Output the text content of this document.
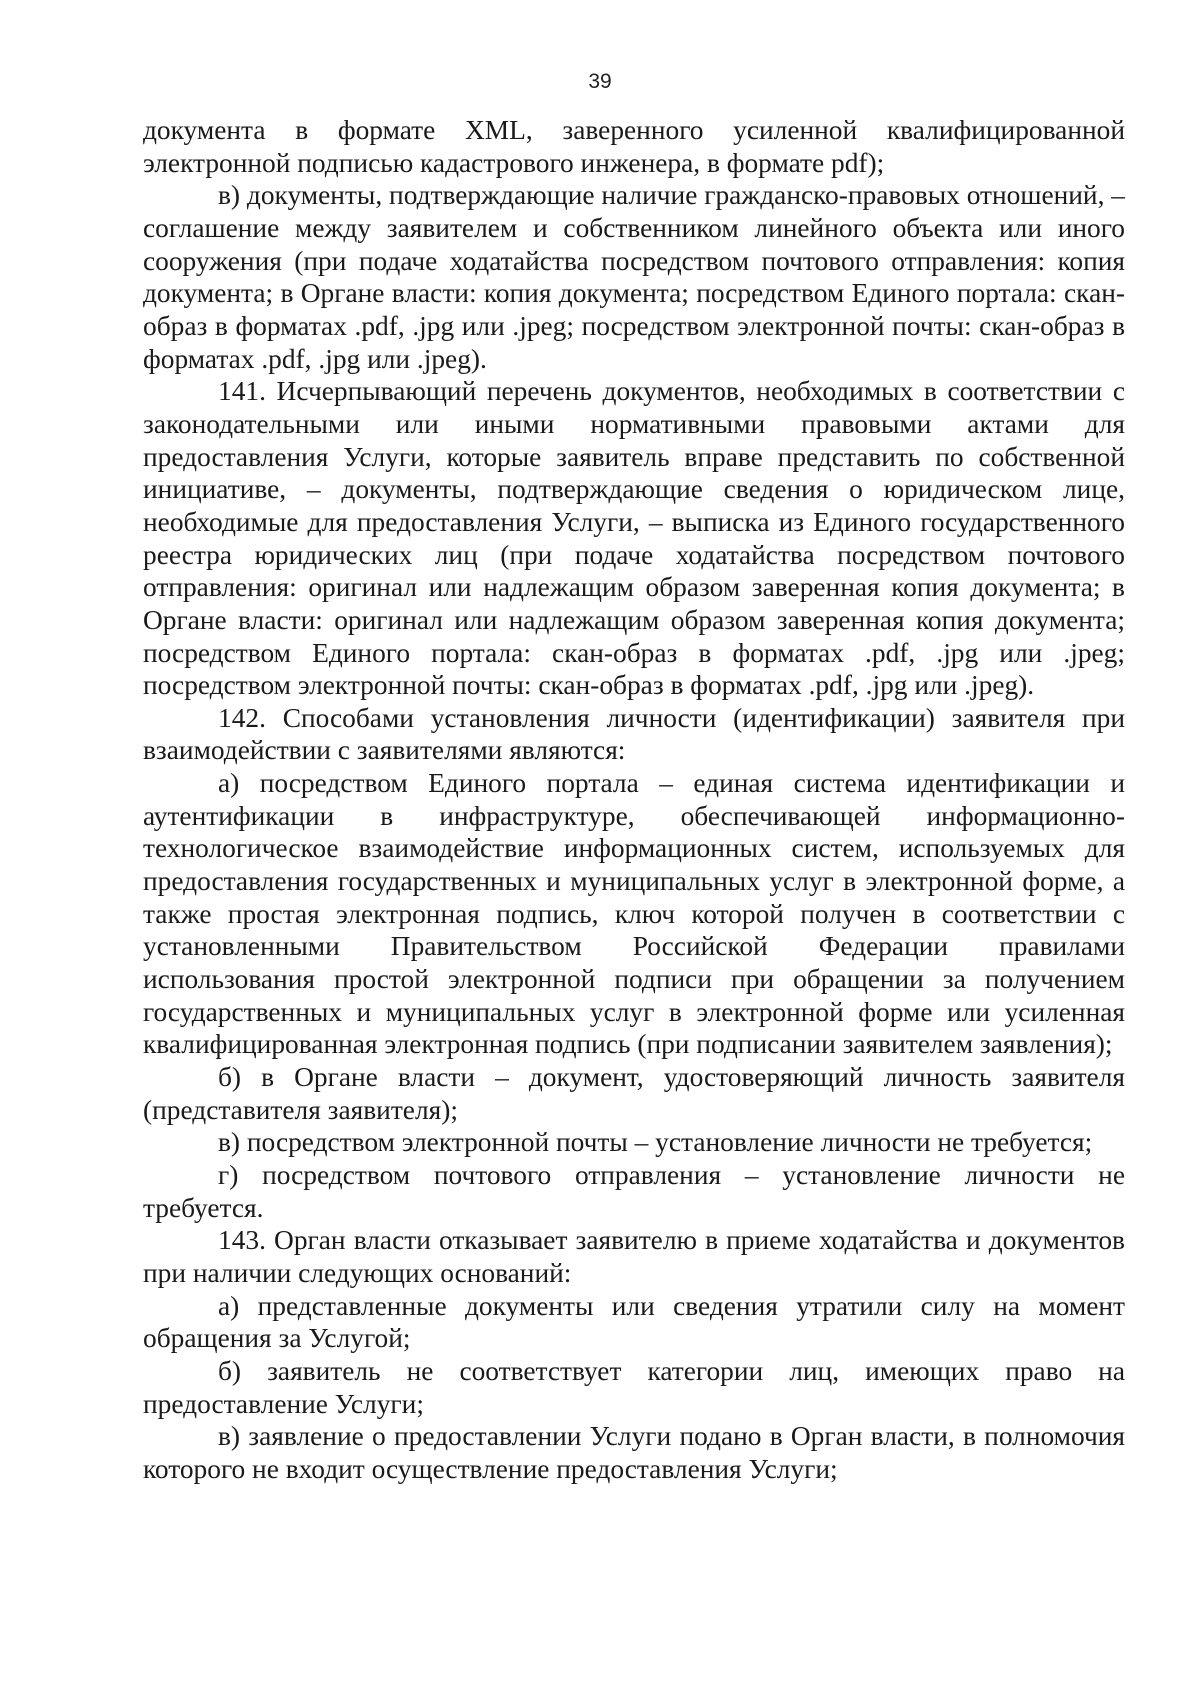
39

документа в формате XML, заверенного усиленной квалифицированной электронной подписью кадастрового инженера, в формате pdf);

в) документы, подтверждающие наличие гражданско-правовых отношений, – соглашение между заявителем и собственником линейного объекта или иного сооружения (при подаче ходатайства посредством почтового отправления: копия документа; в Органе власти: копия документа; посредством Единого портала: скан-образ в форматах .pdf, .jpg или .jpeg; посредством электронной почты: скан-образ в форматах .pdf, .jpg или .jpeg).

141. Исчерпывающий перечень документов, необходимых в соответствии с законодательными или иными нормативными правовыми актами для предоставления Услуги, которые заявитель вправе представить по собственной инициативе, – документы, подтверждающие сведения о юридическом лице, необходимые для предоставления Услуги, – выписка из Единого государственного реестра юридических лиц (при подаче ходатайства посредством почтового отправления: оригинал или надлежащим образом заверенная копия документа; в Органе власти: оригинал или надлежащим образом заверенная копия документа; посредством Единого портала: скан-образ в форматах .pdf, .jpg или .jpeg; посредством электронной почты: скан-образ в форматах .pdf, .jpg или .jpeg).

142. Способами установления личности (идентификации) заявителя при взаимодействии с заявителями являются:

а) посредством Единого портала – единая система идентификации и аутентификации в инфраструктуре, обеспечивающей информационно-технологическое взаимодействие информационных систем, используемых для предоставления государственных и муниципальных услуг в электронной форме, а также простая электронная подпись, ключ которой получен в соответствии с установленными Правительством Российской Федерации правилами использования простой электронной подписи при обращении за получением государственных и муниципальных услуг в электронной форме или усиленная квалифицированная электронная подпись (при подписании заявителем заявления);

б) в Органе власти – документ, удостоверяющий личность заявителя (представителя заявителя);

в) посредством электронной почты – установление личности не требуется;

г) посредством почтового отправления – установление личности не требуется.

143. Орган власти отказывает заявителю в приеме ходатайства и документов при наличии следующих оснований:

а) представленные документы или сведения утратили силу на момент обращения за Услугой;

б) заявитель не соответствует категории лиц, имеющих право на предоставление Услуги;

в) заявление о предоставлении Услуги подано в Орган власти, в полномочия которого не входит осуществление предоставления Услуги;
